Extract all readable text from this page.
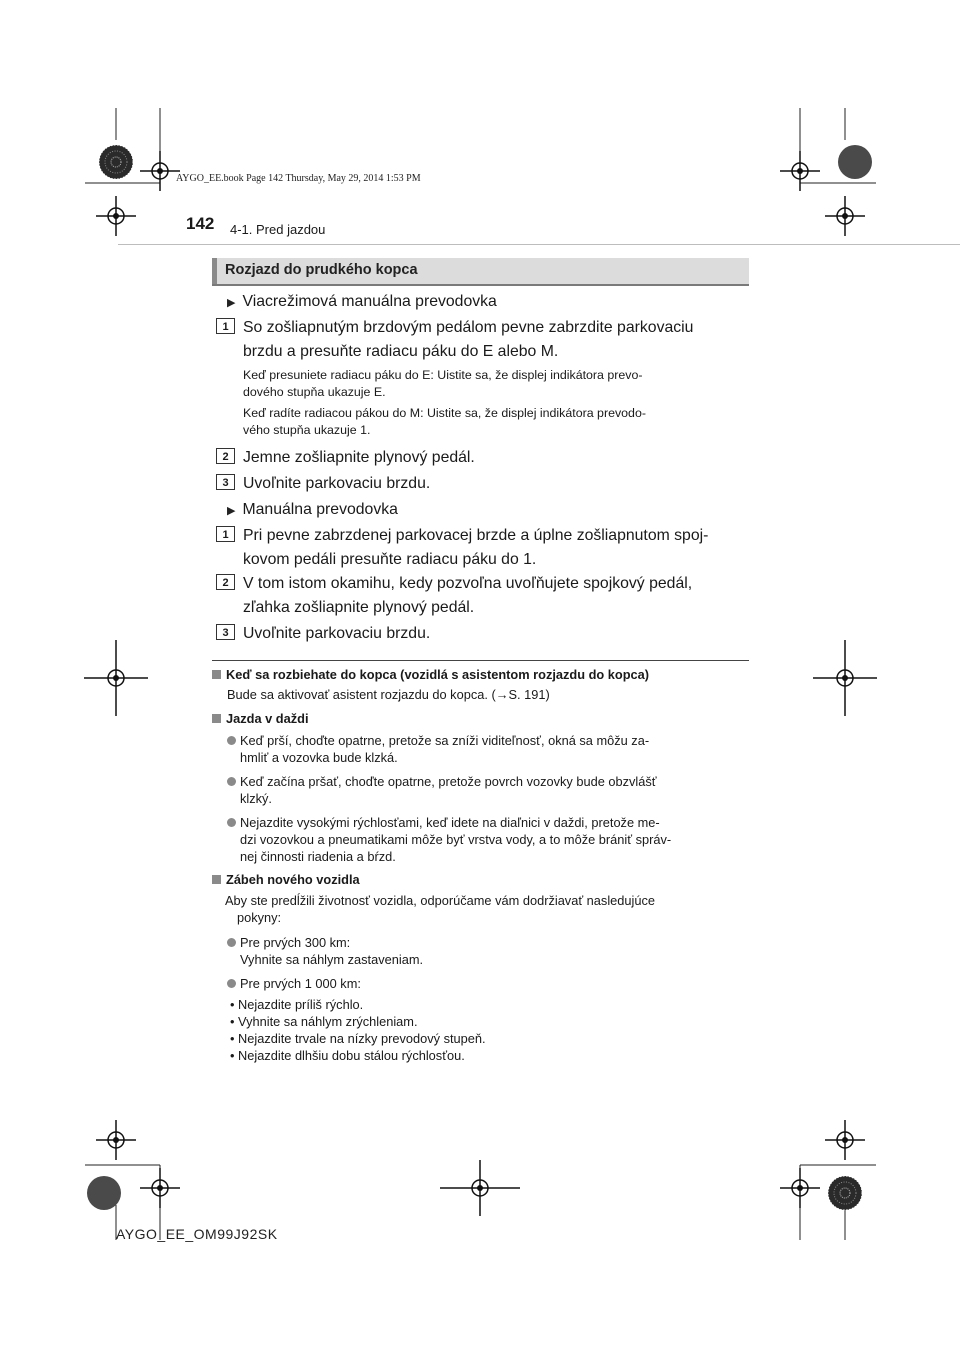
AYGO_EE.book Page 142 Thursday, May 29, 2014 1:53 PM
142 4-1. Pred jazdou
Rozjazd do prudkého kopca
▶ Viacrežimová manuálna prevodovka
1 So zošliapnutým brzdovým pedálom pevne zabrzdite parkovaciu
brzdu a presuňte radiacu páku do E alebo M.
Keď presuniete radiacu páku do E: Uistite sa, že displej indikátora prevo-
dového stupňa ukazuje E.
Keď radíte radiacou pákou do M: Uistite sa, že displej indikátora prevodo-
vého stupňa ukazuje 1.
2 Jemne zošliapnite plynový pedál.
3 Uvoľnite parkovaciu brzdu.
▶ Manuálna prevodovka
1 Pri pevne zabrzdenej parkovacej brzde a úplne zošliapnutom spoj-
kovom pedáli presuňte radiacu páku do 1.
2 V tom istom okamihu, kedy pozvoľna uvoľňujete spojkový pedál,
zľahka zošliapnite plynový pedál.
3 Uvoľnite parkovaciu brzdu.
Keď sa rozbiehate do kopca (vozidlá s asistentom rozjazdu do kopca)
Bude sa aktivovať asistent rozjazdu do kopca. (→S. 191)
Jazda v daždi
Keď prší, choďte opatrne, pretože sa zníži viditeľnosť, okná sa môžu za-
hmliť a vozovka bude klzká.
Keď začína pršať, choďte opatrne, pretože povrch vozovky bude obzvlášť
klzký.
Nejazdite vysokými rýchlosťami, keď idete na diaľnici v daždi, pretože me-
dzi vozovkou a pneumatikami môže byť vrstva vody, a to môže brániť správ-
nej činnosti riadenia a bŕzd.
Zábeh nového vozidla
Aby ste predĺžili životnosť vozidla, odporúčame vám dodržiavať nasledujúce
pokyny:
Pre prvých 300 km:
Vyhnite sa náhlym zastaveniam.
Pre prvých 1 000 km:
• Nejazdite príliš rýchlo.
• Vyhnite sa náhlym zrýchleniam.
• Nejazdite trvale na nízky prevodový stupeň.
• Nejazdite dlhšiu dobu stálou rýchlosťou.
AYGO_EE_OM99J92SK
